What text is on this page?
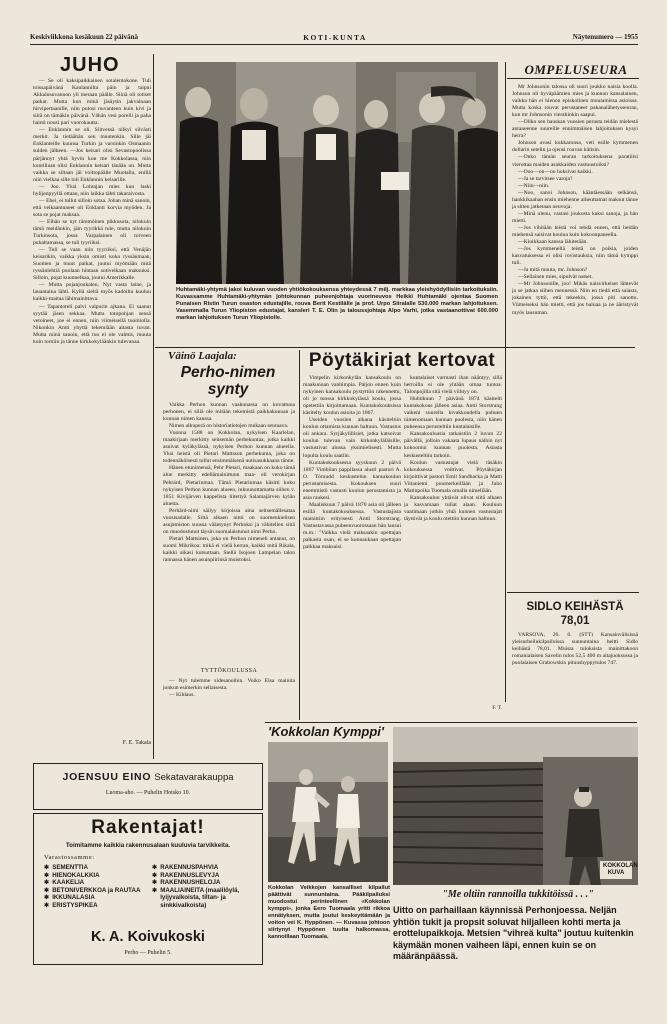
Keskiviikkona kesäkuun 22 päivänä	KOTI-KUNTA	Näytenumero — 1955
JUHO

— Se oli kaksipaikkainen sotalentokone. Tuli toissapäivänä Kaulannilta päin ja taipui Akkainsuvannon yli meraan päälle. Siinä oli totiset paikat. Mutta kun minä jäsäytin jakvainaan hirvipertaanille, niin putosi nuvanteen kuin kivi ja siitä on tämäkin päivänä. Vähän vesi porelli ja paha haimi nousi pari vuorokautta.

— Enklannin se oli. Siitvessä nilkyi silvästi merkit. Ja tietäähän sen muutenkin. Sille jäi Enklanteille kuunsa Turkin ja varsinkin Osmaanin sulden jälkeen. —Jos keisari olisi Sevastopoolissa pärjännyt yhtä hyvin kun me Kokkolassa, niin kuntillaan olisi Enklannin keisari tänään on. Mutta vaikka se siltaan jäi voittopäälle Muotalla, enillä niin vielkaa sille tuli Enklannin keisarille.

— Joo. Yksi Lohtajan mies kun laski hylijenpyyllä ottaan, niin laikka tähti takaraivosta.

— Ehei, ei tullut silloin sotaa. Johan minä sanoin, että velkaantuneet oli Enklanti korvia myöden. Ja sota se pojat maksaa.

— Eihän se nyt tämmöinen pikkusota, niinkuin tämä meidänkin, jäin tyyrikkä tule, mutta niinkuin Turkinsota, jossa Varpalainen oli torveen puhaltamassa, se tuli tyyriiksi.

— Tuli se vaan niin tyyriiksi, että Venäjän keisarikin, vaikka yksin omisti koko ryssänmaan, Suomen ja muut paikat, joutui myömään mitä ryssänlehtiä puolaan hintaan sotivelkaan maksuksi. Silloin, pojat kuunnelkaa, joutui Amerikkalle.

— Mutta pojanjoukalen, Nyt vasta laine, ja lauantaina lähti. Kyllä sieltä myös kadoilta kuuluu kaikki-maitaa lähimainittava.

— Tapantoteli palvi valpurin ajkana. El saanut syytää jäsen sekkaa. Mutta totopohjan sensä vetoineet, joe ei ennen, niin viimeisellä tuomiolla. Nikonkin Antti yhyttä tekemiään aitasta tuvan. Mutta minä sanoin, että tuo ei ole valmis, muuta kuin torniin ja tänne kirkkokyläänkin tulevanaa.

F. E. Takala
Huhtamäki-yhtymä jakoi kuluvan vuoden yhtiökokouksensa yhteydessä 7 milj. markkaa yleishyödyllisiin tarkoituksiin. Kuvassamme Huhtamäki-yhtymän johtokunnan puheenjohtaja vuorineuvos Heikki Huhtamäki ojentaa Suomen Punaisen Ristin Turun osaston edustajille, rouva Berit Kestilälle ja prof. Urpo Siiralalle 530.000 markan lahjoituksen. Vasemmalla Turun Yliopiston edustajat, kansleri T. E. Olin ja taloussjohtaja Alpo Varhi, jotka vastaanottivat 600.000 markan lahjoituksen Turun Yliopistolle.
OMPELUSEURA

Mr Johnsonin talossa oli suuri joukko naisia koolla. Johnson oli hyväpäämien mies ja kunnon kansalainen, vaikka hän ei hienon episkolinen muutamissa asioissa. Mutta koska rouvat perustaneet pakanalähetysseuran, kun mr Johnsonin vierahinkin saapui.

—Oliko sen hauskan vuosien perusta teidän mielestä antaneenne suureille ennimmäisen lahjoituksen kysyi herra?

Johnson avasi kukkaronsa, veti esille kymmenen dollarin setelin ja ojensi rouvan kätisin.

—Onko tämän seuran tarkoituksena paratiiisi vierottaa maiden asukkaiden vastuustoiksi?

—Ooo—on—oo hoksivat kaikki.

—Ja se tarvitsee varoja?

—Niin—niin.

—Noo, sanoi Johnson, kääntäessään selkänsä, hankkikaahan ensin miehenne aiheuttamat maksut tänne ja sitten jatketaan neuvoja.

—Minä olenu, vastasi joukosta kaksi sanoja, ja hän mietti.

—Jos vihitään teistä voi tehdä ennen, että heidän miehensä saisivat koulua kuin kokoonpaneella.

—Kiuikkaan kanssa lähitetään.

—Jos kymmenellä teistä on poikia, joiden kasvatuksessa ei olisi rovistauksia, niin tämä kymppi tuli.

—Ja mitä muuta, mr. Johnson?

—Sellainen mies, sipulvät natset.

—Mr Johnsonille, joo! Mikäs naisvirkeiset lähtevät ja se jatkaa siihen mennessä. Niin en tiedä että saiasta, jokainen tyttö, että tekeekin, jossa piti sanottu. Viimeiseksi hän mietti, että jos haluaa ja ne ääristyvät myös lausuman.

SIDLO KEIHÄSTÄ 78,01

VARSOVA, 26. 6. (STT) Kansainvälisissä yleisurheilukilpailuissa sunnuntaina heitti Sidlo keihästä 78,01. Muista tuloksista mainittakoon romanialaisen Savelin tulos 52,5 400 m aitajuoksussa ja puolalaisen Grabowskin pituushyppytulos 747.

Väinö Laajala:
Perho-nimen synty

Vaikka Perhon kunnan vaakunassa on kuvattuna perhonen, ei sillä ole mitään tekemistä paikkakunnan ja kunnan nimen kanssa.

Nimen alkuperä on historiatietojen mukaan seuraava.

Vuonna 1588 on Kokkolan, nykyisen Kaarlelan, maakirjaan merkitty seitsemän perhekuntaa, jotka kaikki asuivat kyläkylässä, nykyisen Perhon kunnan alueella. Yksi heistä oli Pietari Mattsson perhekunta, joka on todennäköisesti tullut ensimmäisenä uutisasukkaana tänne.

Hänen etunimensä, Pehr Pietari, maakaan on koko tämä alue merkitty edellämainittuun maa- eli verokirjan Pehrärd, Pietarinmaa. Tämä Pietarinmaa käsitti koko nykyisen Perhon kunnan alueen, lukuunottamatta siihen v. 1851 Kivijärven kappelista liitettyä Salamajärven kylän aluetta.

Perhärd-nimi säilyy kirjoissa aina seitsemällesataa vuosisadalle. Siitä alkaen nimi on suomenkielisen asujamiston suussa vääntynyt Perhoksi ja vähitellen siitä on muodostunut täysin suomalaistunut nimi Perho.

Pietari Mattsinen, joka on Perhon nimeneli antanut, on suomi Mikrikoa: mikä ei vielä kerran, kaikki mitä Rikala, kaikki aikasi kutsuttaan. Siellä Isojoen Lampelan talon rannassa hänen asuinpiirinsä muistoksi.

TYTTÖKOULUSSA

— Nyt tulemme sidesanoihin. Voiko Elsa mainita jonkun esimerkin sellaisesta.

— Kihlaus.

Pöytäkirjat kertovat

Vimpelin kirkonkylän kansakoulu on maakunnan vanhimpia. Paljon ennen kuin nykyinen kansakoulu pystyttiin rakennettu, oli jo tuossa kirkkokylässä koulu, jossa opetettiin kirjoittamaan. Kuntakokouksissa käsitelty koulun asioita jo 1867.

Useiden vuosien aikana käsiteltiin koulun ottamista kunnan haltuun. Vastustus oli ankara. Syrjäkylillisiet, jotka katsoivat koulun tulevan vain kirkonkyläläisille, vastustivat alussa yksimielisesti. Mutta lopulta koulu saatiin.

Kuntakokouksessa syyskuun 2 päivä 1867 Vimbilan pappilassa alusti pastori A. O. Törnudd keskustelun kansakoulun perustamisesta. Kokouksen suuri enemmistö vastusti koulun perustamista ja asia raukesi.

Maaliskuun 7 päivä 1870 asia oli jälleen esillä kuntakokouksessa. Vastustajista mainittiin erityisesti Antti Storstrang. Vastustavassa puheenvuorossaan hän lausui m.m.: "Vaikka vielä maksaakin opettajan palkasta osan, ei se kunnankaan opettajan palkkaa maksaisi.

kuntalaiset varmasti ihan nääntyy, sillä herroilla ei ole yhtään omaa tuntoa. Talonpojilla sitä vielä viihtyy on.

Huhtikuun 7 päivänä 1874 käsitelti kuntakokous jälleen asiaa. Antti Storstrang vaikeni suurella kivakkuudella puhuen nimenomaan kunnan puolesta, niin hänen puheensa perusteltiin kuntalaisille.

Kansakouluasia ratkaistiin 2 luvun 22 päivällä, jolloin vakaata lupaus näihin nyt kokoontui kunnan puolesta. Asiasta keskusteltiin tarkoin.

Koulun vastustajat vielä täsäkin kokouksessa voittivat. Pöytäkirjan kirjoittivat pastori Emil Sandbacka ja Matti Viitaniemi puumerkeillään ja Juho Matinpoika Tuomala omalla nimellään.

Kansakoulun yhtävät olivat siitä alkaen ja kasvamaan tuliat alaan. Kouluun vaatimaan jotkin yhtä kunnen vastustajat täyttivät ja koulu otettiin kunnan haltuun.

F. T.
'Kokkolan Kymppi'
Kokkolan Veikkojen kansalliset kilpailut päättivät sunnuntaina. Pääkilpailuksi muodostui perinteellinen «Kokkolan kymppi», jonka Eero Tuomaala yritti rikkoa ennätyksen, mutta joutui keskeyttämään ja voiton vei K. Hyppönen. — Kuvassa johtoon siirtynyt Hyppönen tuulta halkomassa, kannoillaan Tuomaala.
KOKKOLAN KUVA
"Me oltiin rannoilla tukkitöissä . . ."
Uitto on parhaillaan käynnissä Perhonjoessa. Neljän yhtiön tukit ja propsit soluvat hiljalleen kohti merta ja erottelupaikkoja. Metsien "vihreä kulta" joutuu kuitenkin käymään monen vaiheen läpi, ennen kuin se on määränpäässä.
JOENSUU EINO Sekatavarakauppa
Luoma-aho. — Puhelin Hotsko 10.
Rakentajat!
Toimitamme kaikkia rakennusalaan kuuluvia tarvikkeita.
Varastossamme:
✱ SEMENTTIA
✱ HIENOKALKKIA
✱ KAAKELIA
✱ BETONIVERKKOA ja RAUTAA
✱ IKKUNALASIA
✱ ERISTYSPIKEA
✱ RAKENNUSPAHVIA
✱ RAKENNUSLEVYJA
✱ RAKENNUSHELOJA
✱ MAALIAINEITA (maalilöylä, lyijyvalkoista, tiltan- ja sinkkivalkoista)
K. A. Koivukoski
Perho — Puhelin 5.
